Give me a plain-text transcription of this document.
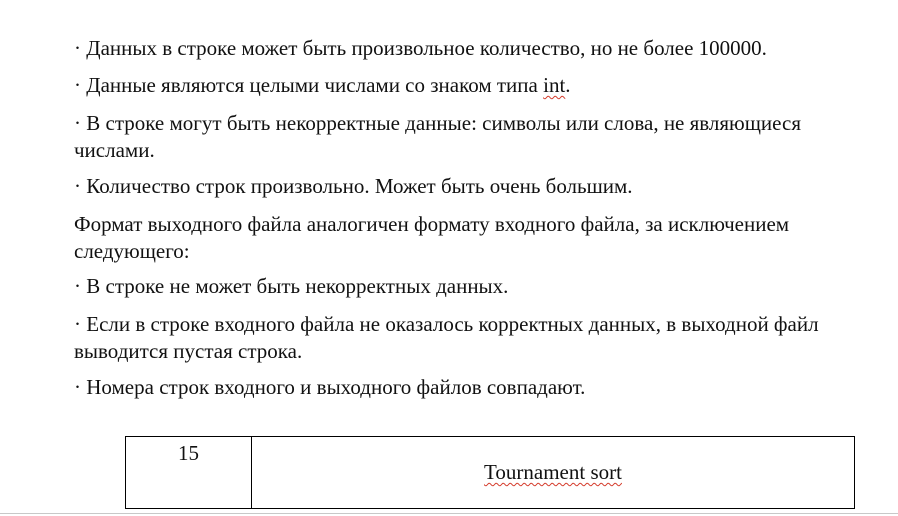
· Данных в строке может быть произвольное количество, но не более 100000.

· Данные являются целыми числами со знаком типа int.

· В строке могут быть некорректные данные: символы или слова, не являющиеся числами.

· Количество строк произвольно. Может быть очень большим.

Формат выходного файла аналогичен формату входного файла, за исключением следующего:

· В строке не может быть некорректных данных.

· Если в строке входного файла не оказалось корректных данных, в выходной файл выводится пустая строка.

· Номера строк входного и выходного файлов совпадают.

15	Tournament sort
